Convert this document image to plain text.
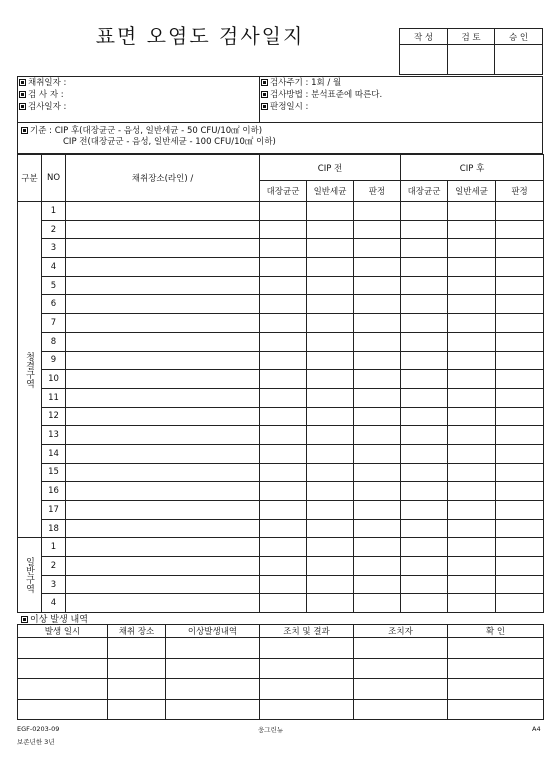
표면 오염도 검사일지	작 성	검 토	승 인

채취일자 :	검사주기 : 1회 / 월
검 사 자 :	검사방법 : 분석표준에 따른다.
검사일자 :	판정일시 :
기준 : CIP 후(대장균군 - 음성, 일반세균 - 50 CFU/10㎠ 이하)
CIP 전(대장균군 - 음성, 일반세균 - 100 CFU/10㎠ 이하)
구분	NO	채취장소(라인) /	CIP 전			CIP 후		
			대장균군	일반세균	판정	대장균군	일반세균	판정
청결구역	1							
	2							
	3							
	4							
	5							
	6							
	7							
	8							
	9							
	10							
	11							
	12							
	13							
	14							
	15							
	16							
	17							
	18							
일반구역	1							
	2							
	3							
	4							
이상 발생 내역
발생 일시	채취 장소	이상발생내역	조치 및 결과	조치자	확 인

EGF-0203-09
보존년한 3년
웅그린뉴	A4
